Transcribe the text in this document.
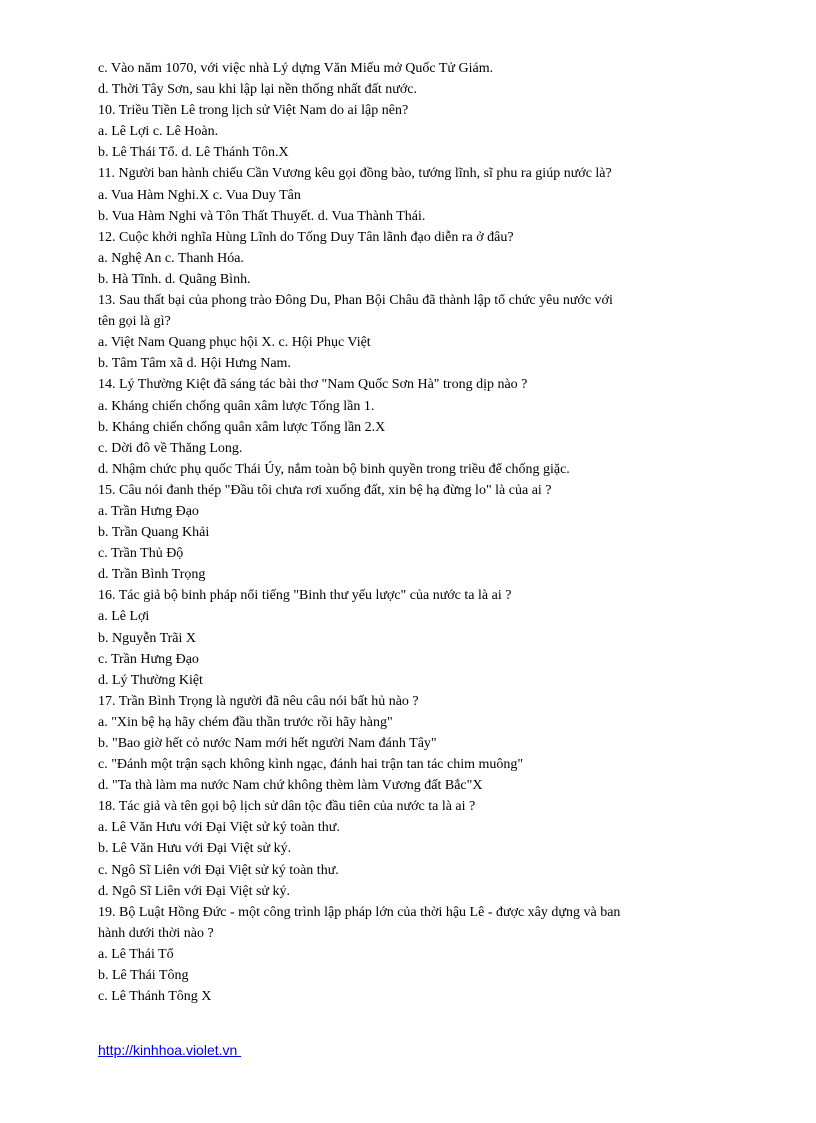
c. Vào năm 1070, với việc nhà Lý dựng Văn Miếu mở Quốc Tử Giám.
d. Thời Tây Sơn, sau khi lập lại nền thống nhất đất nước.
10. Triều Tiền Lê trong lịch sử Việt Nam do ai lập nên?
a. Lê Lợi c. Lê Hoàn.
b. Lê Thái Tổ. d. Lê Thánh Tôn.X
11. Người ban hành chiếu Cần Vương kêu gọi đồng bào, tướng lĩnh, sĩ phu ra giúp nước là?
a. Vua Hàm Nghi.X c. Vua Duy Tân
b. Vua Hàm Nghi và Tôn Thất Thuyết. d. Vua Thành Thái.
12. Cuộc khởi nghĩa Hùng Lĩnh do Tống Duy Tân lãnh đạo diễn ra ở đâu?
a. Nghệ An c. Thanh Hóa.
b. Hà Tĩnh. d. Quãng Bình.
13. Sau thất bại của phong trào Đông Du, Phan Bội Châu đã thành lập tổ chức yêu nước với
tên gọi là gì?
a. Việt Nam Quang phục hội X. c. Hội Phục Việt
b. Tâm Tâm xã d. Hội Hưng Nam.
14. Lý Thường Kiệt đã sáng tác bài thơ "Nam Quốc Sơn Hà" trong dịp nào ?
a. Kháng chiến chống quân xâm lược Tống lần 1.
b. Kháng chiến chống quân xâm lược Tống lần 2.X
c. Dời đô về Thăng Long.
d. Nhậm chức phụ quốc Thái Úy, nắm toàn bộ binh quyền trong triều để chống giặc.
15. Câu nói đanh thép "Đầu tôi chưa rơi xuống đất, xin bệ hạ đừng lo" là của ai ?
a. Trần Hưng Đạo
b. Trần Quang Khải
c. Trần Thủ Độ
d. Trần Bình Trọng
16. Tác giả bộ binh pháp nổi tiếng "Binh thư yếu lược" của nước ta là ai ?
a. Lê Lợi
b. Nguyễn Trãi X
c. Trần Hưng Đạo
d. Lý Thường Kiệt
17. Trần Bình Trọng là người đã nêu câu nói bất hủ nào ?
a. "Xin bệ hạ hãy chém đầu thần trước rồi hãy hàng"
b. "Bao giờ hết cỏ nước Nam mới hết người Nam đánh Tây"
c. "Đánh một trận sạch không kình ngạc, đánh hai trận tan tác chim muông"
d. "Ta thà làm ma nước Nam chứ không thèm làm Vương đất Bắc"X
18. Tác giả và tên gọi bộ lịch sử dân tộc đầu tiên của nước ta là ai ?
a. Lê Văn Hưu với Đại Việt sử ký toàn thư.
b. Lê Văn Hưu với Đại Việt sử ký.
c. Ngô Sĩ Liên với Đại Việt sử ký toàn thư.
d. Ngô Sĩ Liên với Đại Việt sử ký.
19. Bộ Luật Hồng Đức - một công trình lập pháp lớn của thời hậu Lê - được xây dựng và ban
hành dưới thời nào ?
a. Lê Thái Tổ
b. Lê Thái Tông
c. Lê Thánh Tông X
http://kinhhoa.violet.vn
